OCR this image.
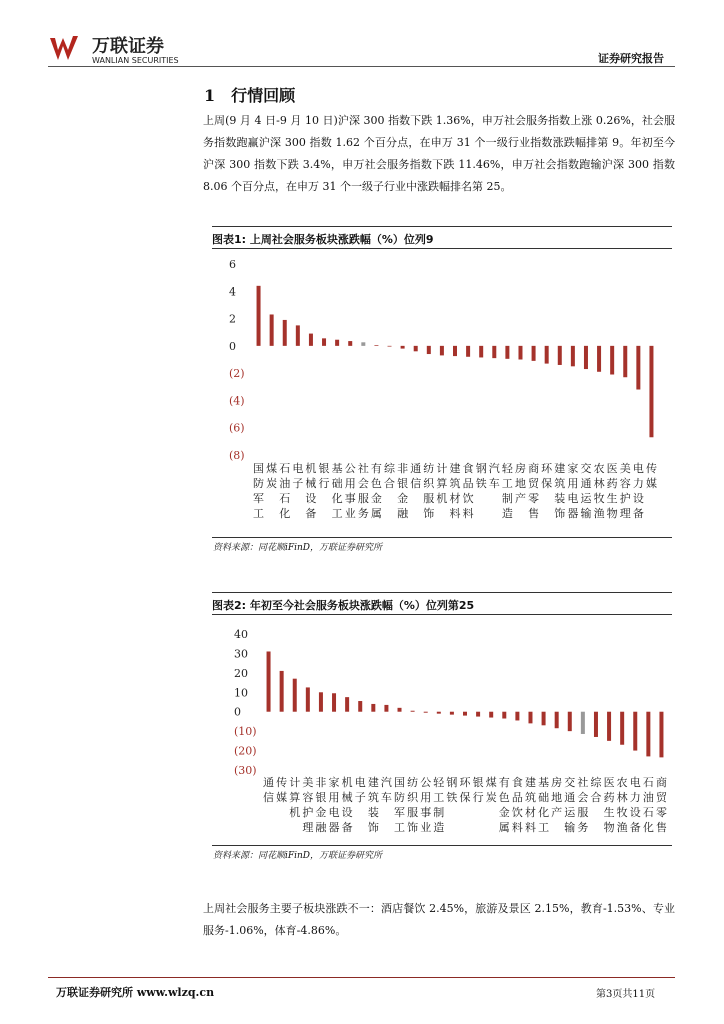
万联证券
WANLIAN SECURITIES	证券研究报告
1 行情回顾

上周(9 月 4 日-9 月 10 日)沪深 300 指数下跌 1.36%，申万社会服务指数上涨 0.26%，社会服务指数跑赢沪深 300 指数 1.62 个百分点，在申万 31 个一级行业指数涨跌幅排第 9。年初至今沪深 300 指数下跌 3.4%，申万社会服务指数下跌 11.46%，申万社会指数跑输沪深 300 指数 8.06 个百分点，在申万 31 个一级子行业中涨跌幅排名第 25。

图表1: 上周社会服务板块涨跌幅（%）位列9
6
4
2
0
(2)
(4)
(6)
(8)
国
防
军
工
煤
炭
石
油
石
化
电
子
机
械
设
备
银
行
基
础
化
工
公
用
事
业
社
会
服
务
有
色
金
属
综
合
非
银
金
融
通
信
纺
织
服
饰
计
算
机
建
筑
材
料
食
品
饮
料
钢
铁
汽
车
轻
工
制
造
房
地
产
商
贸
零
售
环
保
建
筑
装
饰
家
用
电
器
交
通
运
输
农
林
牧
渔
医
药
生
物
美
容
护
理
电
力
设
备
传
媒
资料来源：同花顺iFinD，万联证券研究所
图表2: 年初至今社会服务板块涨跌幅（%）位列第25
40
30
20
10
0
(10)
(20)
(30)
通
信
传
媒
计
算
机
美
容
护
理
非
银
金
融
家
用
电
器
机
械
设
备
电
子
建
筑
装
饰
汽
车
国
防
军
工
纺
织
服
饰
公
用
事
业
轻
工
制
造
钢
铁
环
保
银
行
煤
炭
有
色
金
属
食
品
饮
料
建
筑
材
料
基
础
化
工
房
地
产
交
通
运
输
社
会
服
务
综
合
医
药
生
物
农
林
牧
渔
电
力
设
备
石
油
石
化
商
贸
零
售
资料来源：同花顺iFinD，万联证券研究所

上周社会服务主要子板块涨跌不一：酒店餐饮 2.45%，旅游及景区 2.15%，教育-1.53%、专业服务-1.06%，体育-4.86%。

万联证券研究所 www.wlzq.cn	第3页共11页
